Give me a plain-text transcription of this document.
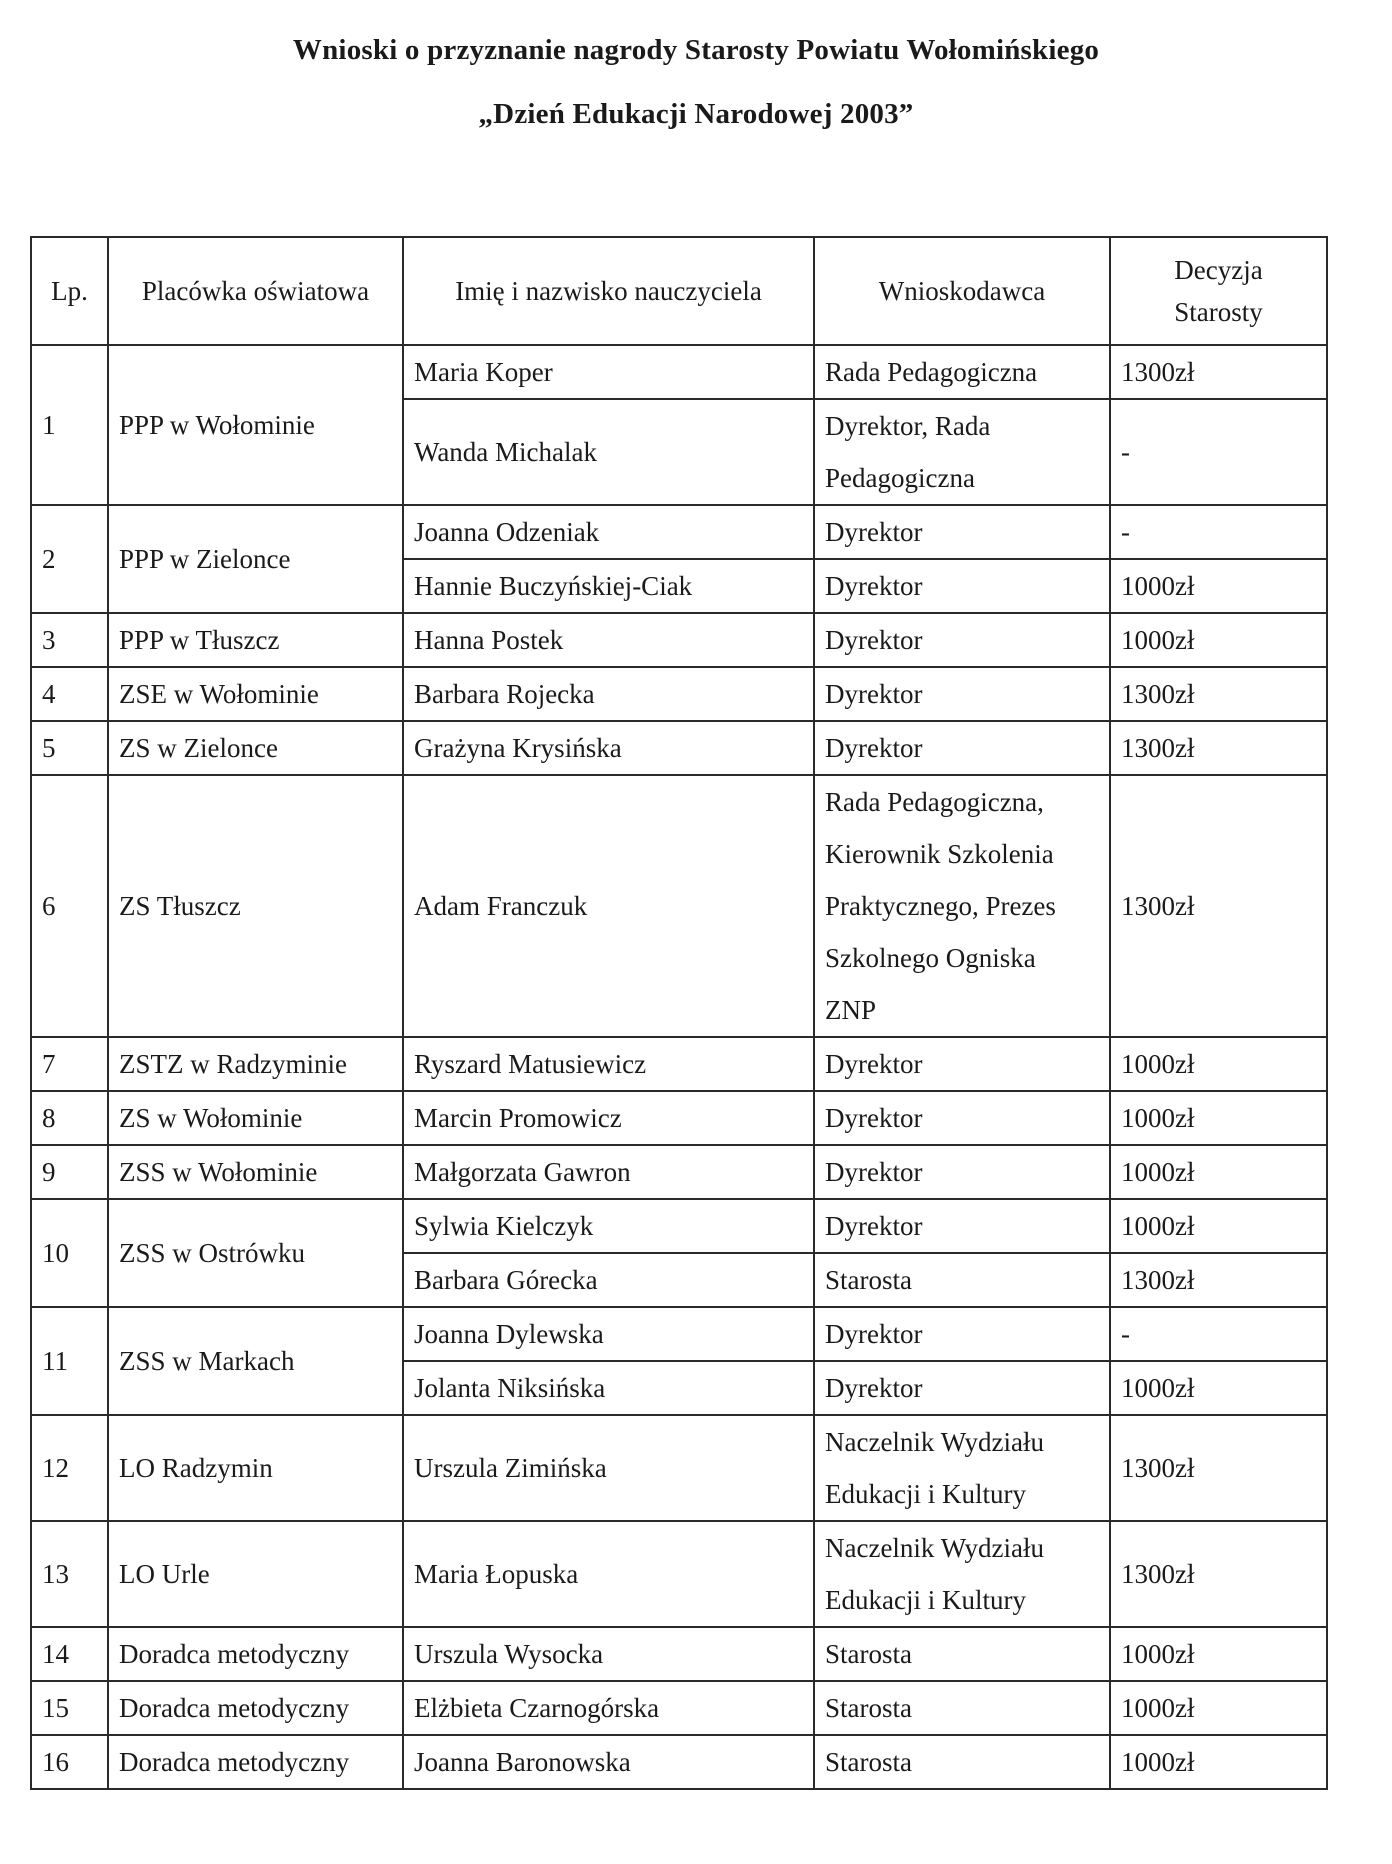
Wnioski o przyznanie nagrody Starosty Powiatu Wołomińskiego
„Dzień Edukacji Narodowej 2003”
Lp.	Placówka oświatowa	Imię i nazwisko nauczyciela	Wnioskodawca	Decyzja
Starosty

1	PPP w Wołominie	Maria Koper	Rada Pedagogiczna	1300zł
		Wanda Michalak	Dyrektor, Rada
Pedagogiczna	-
2	PPP w Zielonce	Joanna Odzeniak	Dyrektor	-
		Hannie Buczyńskiej-Ciak	Dyrektor	1000zł
3	PPP w Tłuszcz	Hanna Postek	Dyrektor	1000zł
4	ZSE w Wołominie	Barbara Rojecka	Dyrektor	1300zł
5	ZS w Zielonce	Grażyna Krysińska	Dyrektor	1300zł
6	ZS Tłuszcz	Adam Franczuk	Rada Pedagogiczna,
Kierownik Szkolenia
Praktycznego, Prezes
Szkolnego Ogniska
ZNP	1300zł
7	ZSTZ w Radzyminie	Ryszard Matusiewicz	Dyrektor	1000zł
8	ZS w Wołominie	Marcin Promowicz	Dyrektor	1000zł
9	ZSS w Wołominie	Małgorzata Gawron	Dyrektor	1000zł
10	ZSS w Ostrówku	Sylwia Kielczyk	Dyrektor	1000zł
		Barbara Górecka	Starosta	1300zł
11	ZSS w Markach	Joanna Dylewska	Dyrektor	-
		Jolanta Niksińska	Dyrektor	1000zł
12	LO Radzymin	Urszula Zimińska	Naczelnik Wydziału
Edukacji i Kultury	1300zł
13	LO Urle	Maria Łopuska	Naczelnik Wydziału
Edukacji i Kultury	1300zł
14	Doradca metodyczny	Urszula Wysocka	Starosta	1000zł
15	Doradca metodyczny	Elżbieta Czarnogórska	Starosta	1000zł
16	Doradca metodyczny	Joanna Baronowska	Starosta	1000zł
